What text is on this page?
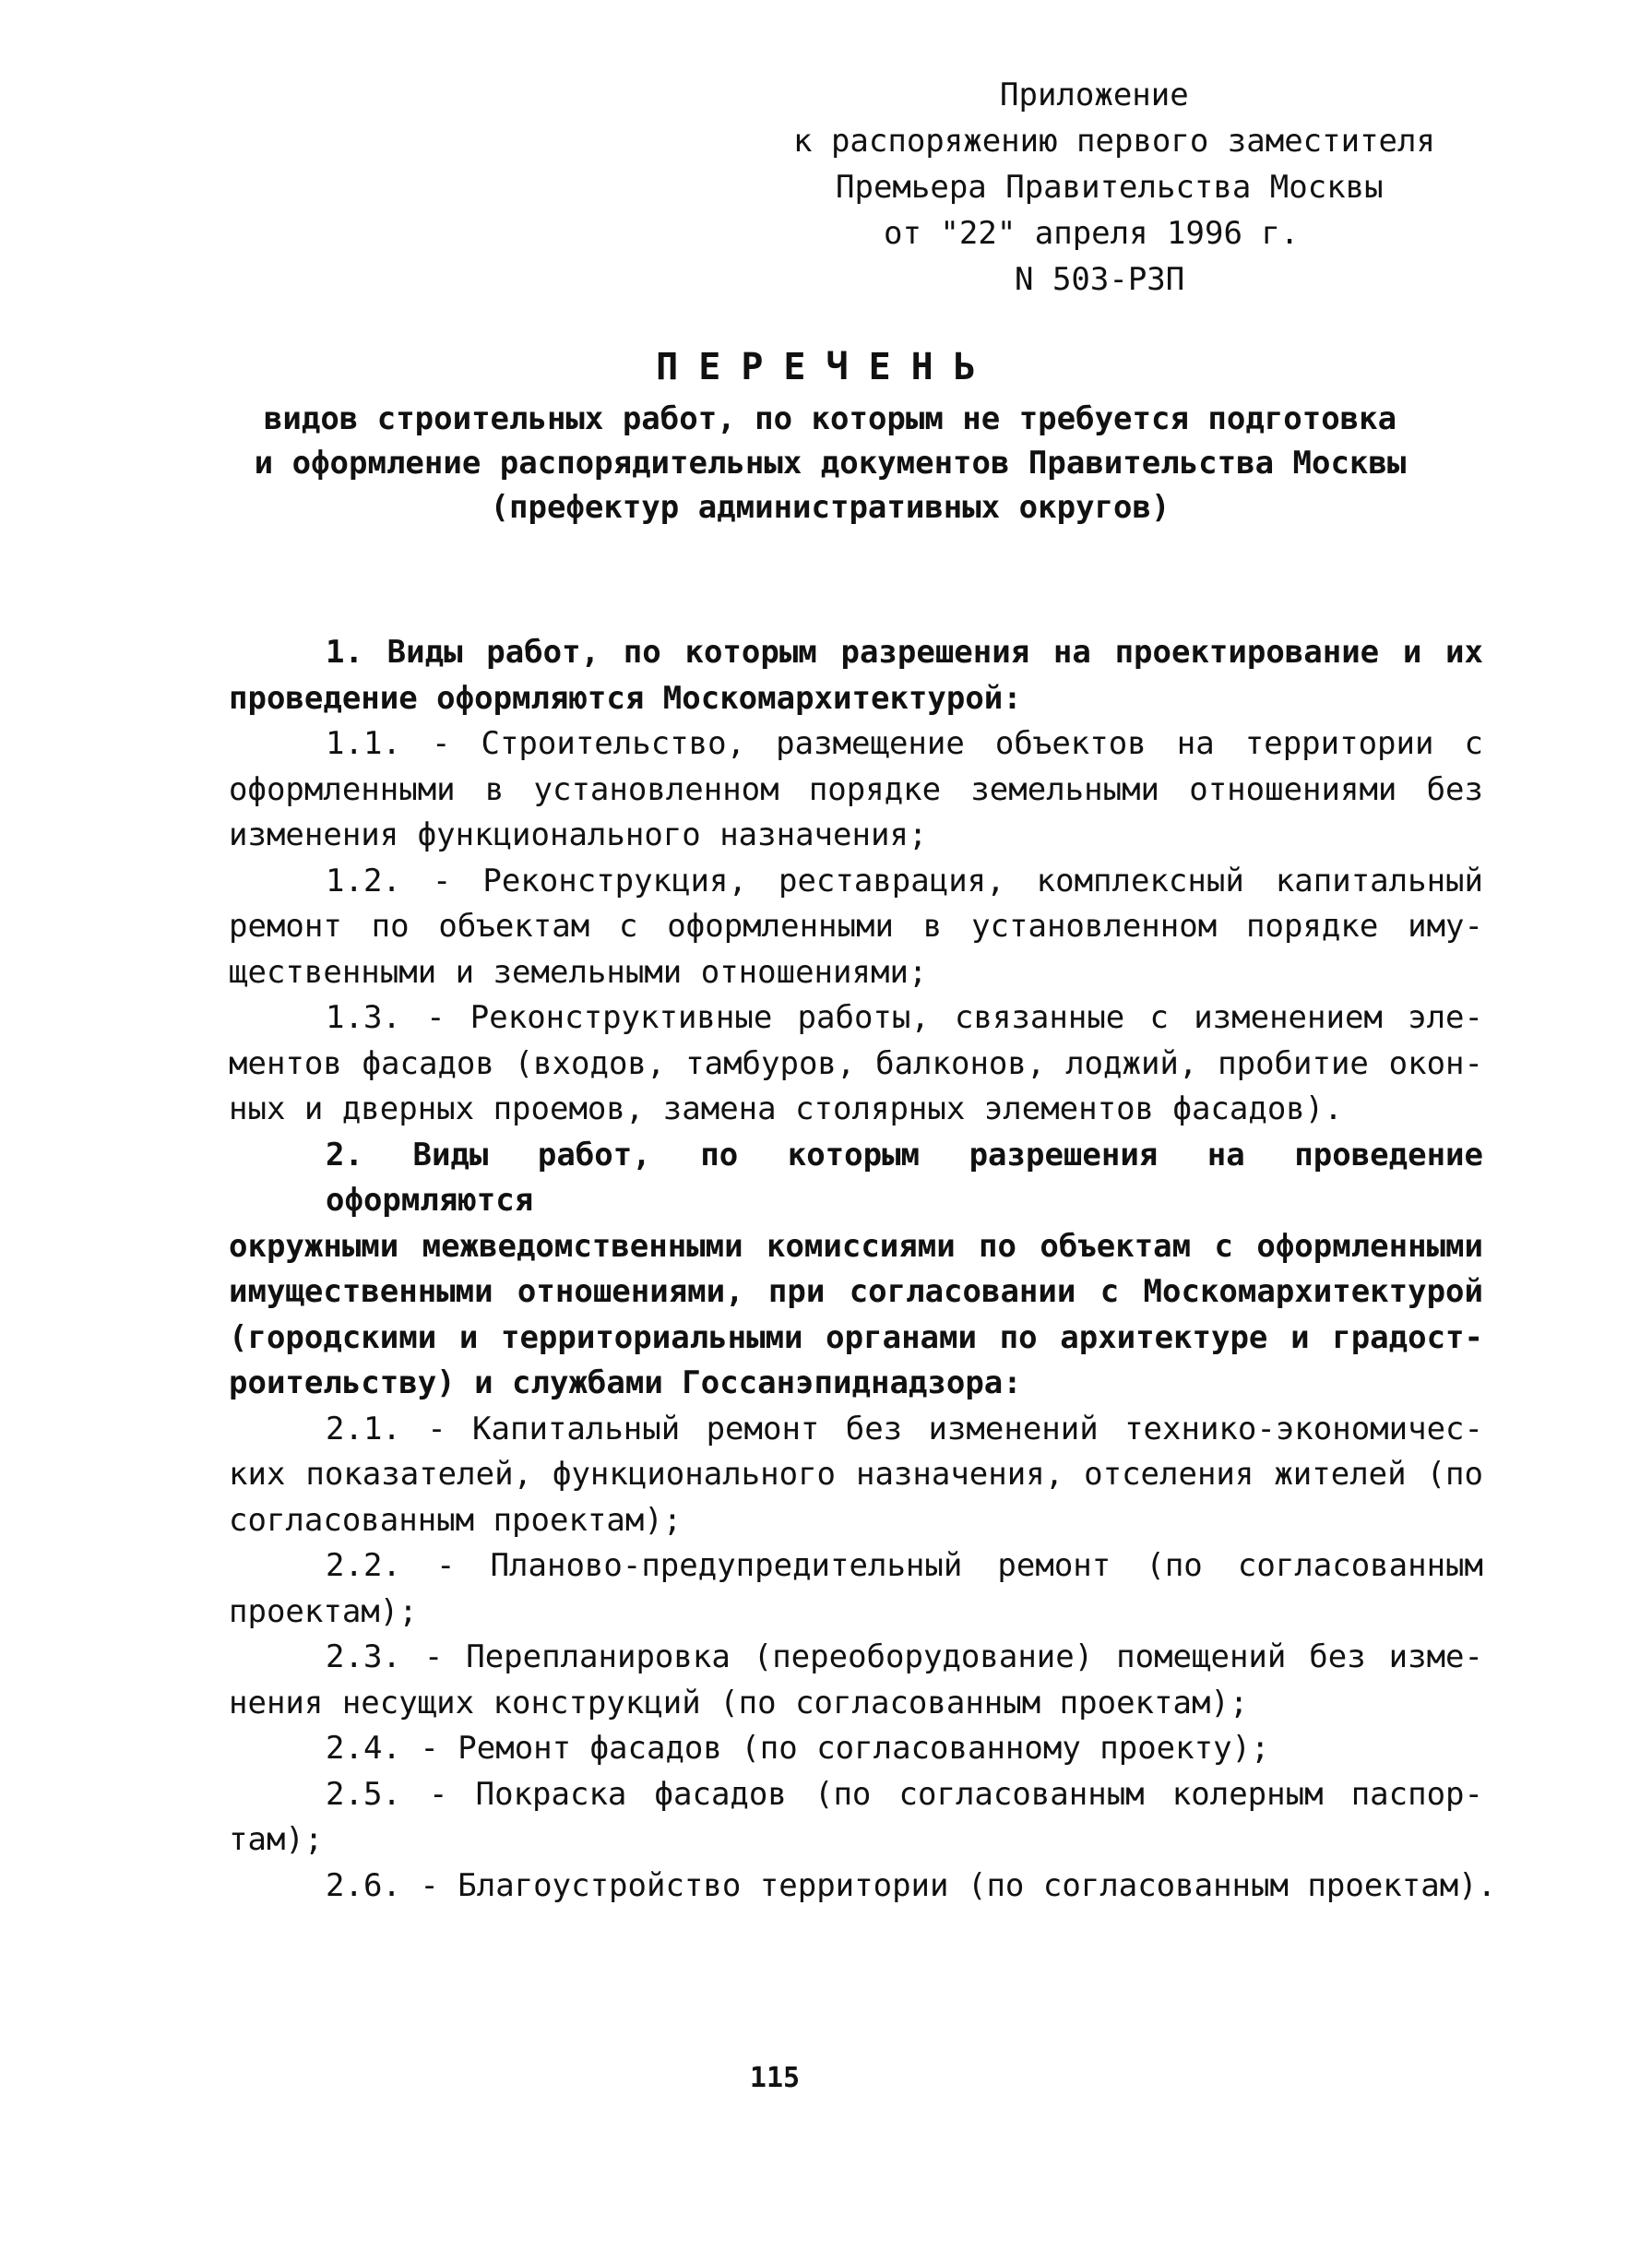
Приложение
к распоряжению первого заместителя
Премьера Правительства Москвы
от "22" апреля 1996 г.
N 503-РЗП
ПЕРЕЧЕНЬ
видов строительных работ, по которым не требуется подготовка
и оформление распорядительных документов Правительства Москвы
(префектур административных округов)
1. Виды работ, по которым разрешения на проектирование и их
проведение оформляются Москомархитектурой:
1.1. - Строительство, размещение объектов на территории с
оформленными в установленном порядке земельными отношениями без
изменения функционального назначения;
1.2. - Реконструкция, реставрация, комплексный капитальный
ремонт по объектам с оформленными в установленном порядке иму-
щественными и земельными отношениями;
1.3. - Реконструктивные работы, связанные с изменением эле-
ментов фасадов (входов, тамбуров, балконов, лоджий, пробитие окон-
ных и дверных проемов, замена столярных элементов фасадов).
2. Виды работ, по которым разрешения на проведение оформляются
окружными межведомственными комиссиями по объектам с оформленными
имущественными отношениями, при согласовании с Москомархитектурой
(городскими и территориальными органами по архитектуре и градост-
роительству) и службами Госсанэпиднадзора:
2.1. - Капитальный ремонт без изменений технико-экономичес-
ких показателей, функционального назначения, отселения жителей (по
согласованным проектам);
2.2. - Планово-предупредительный ремонт (по согласованным
проектам);
2.3. - Перепланировка (переоборудование) помещений без изме-
нения несущих конструкций (по согласованным проектам);
2.4. - Ремонт фасадов (по согласованному проекту);
2.5. - Покраска фасадов (по согласованным колерным паспор-
там);
2.6. - Благоустройство территории (по согласованным проектам).
115
